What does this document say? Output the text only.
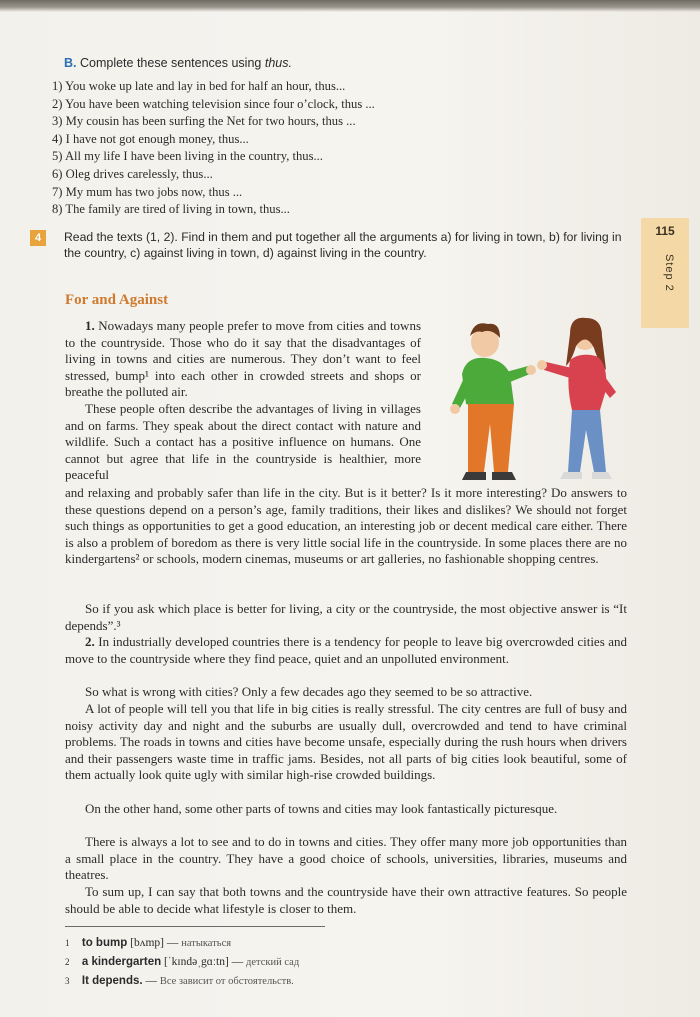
B. Complete these sentences using thus.
1) You woke up late and lay in bed for half an hour, thus...
2) You have been watching television since four o’clock, thus ...
3) My cousin has been surfing the Net for two hours, thus ...
4) I have not got enough money, thus...
5) All my life I have been living in the country, thus...
6) Oleg drives carelessly, thus...
7) My mum has two jobs now, thus ...
8) The family are tired of living in town, thus...
4	Read the texts (1, 2). Find in them and put together all the arguments a) for living in town, b) for living in the country, c) against living in town, d) against living in the country.
115
Step 2
For and Against

1. Nowadays many people prefer to move from cities and towns to the countryside. Those who do it say that the disadvantages of living in towns and cities are numerous. They don’t want to feel stressed, bump¹ into each other in crowded streets and shops or breathe the polluted air.

These people often describe the advantages of living in villages and on farms. They speak about the direct contact with nature and wildlife. Such a contact has a positive influence on humans. One cannot but agree that life in the countryside is healthier, more peaceful

and relaxing and probably safer than life in the city. But is it better? Is it more interesting? Do answers to these questions depend on a person’s age, family traditions, their likes and dislikes? We should not forget such things as opportunities to get a good education, an interesting job or decent medical care either. There is also a problem of boredom as there is very little social life in the countryside. In some places there are no kindergartens² or schools, modern cinemas, museums or art galleries, no fashionable shopping centres.

So if you ask which place is better for living, a city or the countryside, the most objective answer is “It depends”.³

2. In industrially developed countries there is a tendency for people to leave big overcrowded cities and move to the countryside where they find peace, quiet and an unpolluted environment.

So what is wrong with cities? Only a few decades ago they seemed to be so attractive.

A lot of people will tell you that life in big cities is really stressful. The city centres are full of busy and noisy activity day and night and the suburbs are usually dull, overcrowded and tend to have criminal problems. The roads in towns and cities have become unsafe, especially during the rush hours when drivers and their passengers waste time in traffic jams. Besides, not all parts of big cities look beautiful, some of them actually look quite ugly with similar high-rise crowded buildings.

On the other hand, some other parts of towns and cities may look fantastically picturesque.

There is always a lot to see and to do in towns and cities. They offer many more job opportunities than a small place in the country. They have a good choice of schools, universities, libraries, museums and theatres.

To sum up, I can say that both towns and the countryside have their own attractive features. So people should be able to decide what lifestyle is closer to them.

1 to bump [bʌmp] — натыкаться
2 a kindergarten [ˈkɪndəˌgɑːtn] — детский сад
3 It depends. — Все зависит от обстоятельств.
